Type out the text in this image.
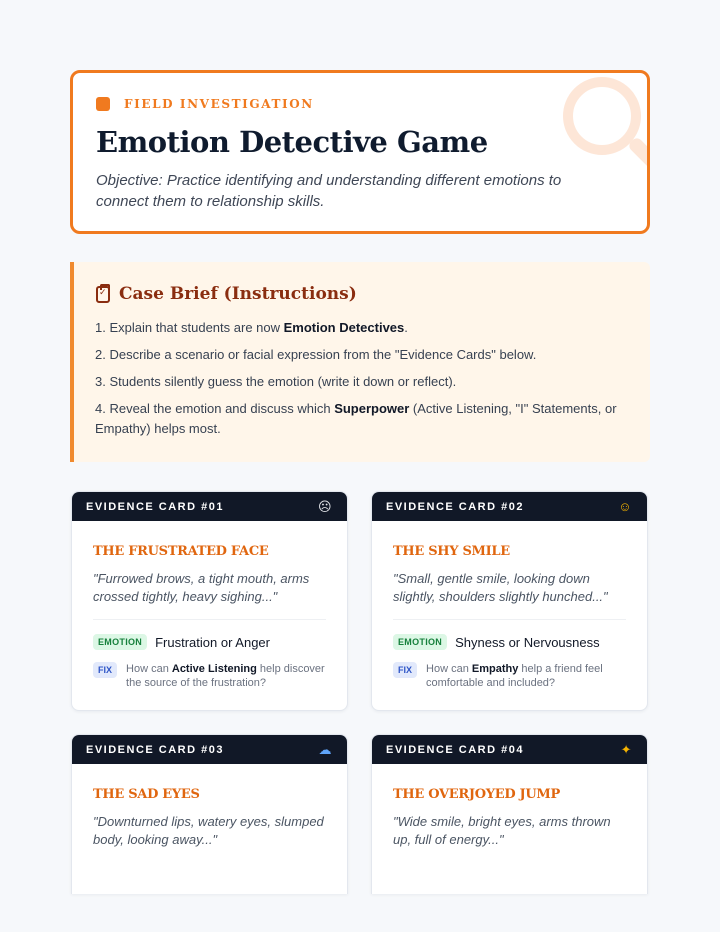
FIELD INVESTIGATION
Emotion Detective Game

Objective: Practice identifying and understanding different emotions to connect them to relationship skills.

✓
Case Brief (Instructions)
1. Explain that students are now Emotion Detectives.
2. Describe a scenario or facial expression from the "Evidence Cards" below.
3. Students silently guess the emotion (write it down or reflect).
4. Reveal the emotion and discuss which Superpower (Active Listening, "I" Statements, or Empathy) helps most.
EVIDENCE CARD #01	☹
THE FRUSTRATED FACE
"Furrowed brows, a tight mouth, arms crossed tightly, heavy sighing..."
EMOTION	Frustration or Anger
FIX	How can Active Listening help discover the source of the frustration?
EVIDENCE CARD #02	☺
THE SHY SMILE
"Small, gentle smile, looking down slightly, shoulders slightly hunched..."
EMOTION	Shyness or Nervousness
FIX	How can Empathy help a friend feel comfortable and included?
EVIDENCE CARD #03	☁
THE SAD EYES
"Downturned lips, watery eyes, slumped body, looking away..."
EVIDENCE CARD #04	✦
THE OVERJOYED JUMP
"Wide smile, bright eyes, arms thrown up, full of energy..."
